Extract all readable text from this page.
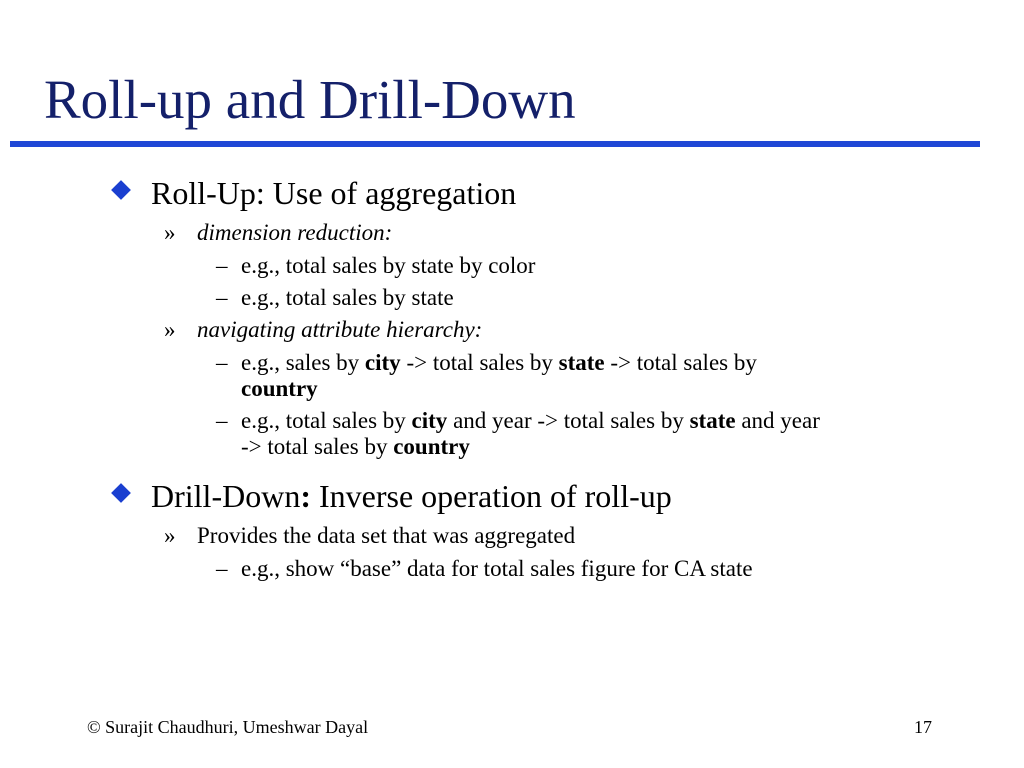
Roll-up and Drill-Down
Roll-Up: Use of aggregation
» dimension reduction:
– e.g., total sales by state by color
– e.g., total sales by state
» navigating attribute hierarchy:
– e.g., sales by city -> total sales by state -> total sales by
country
– e.g., total sales by city and year -> total sales by state and year
-> total sales by country
Drill-Down: Inverse operation of roll-up
» Provides the data set that was aggregated
– e.g., show “base” data for total sales figure for CA state
© Surajit Chaudhuri, Umeshwar Dayal	17
